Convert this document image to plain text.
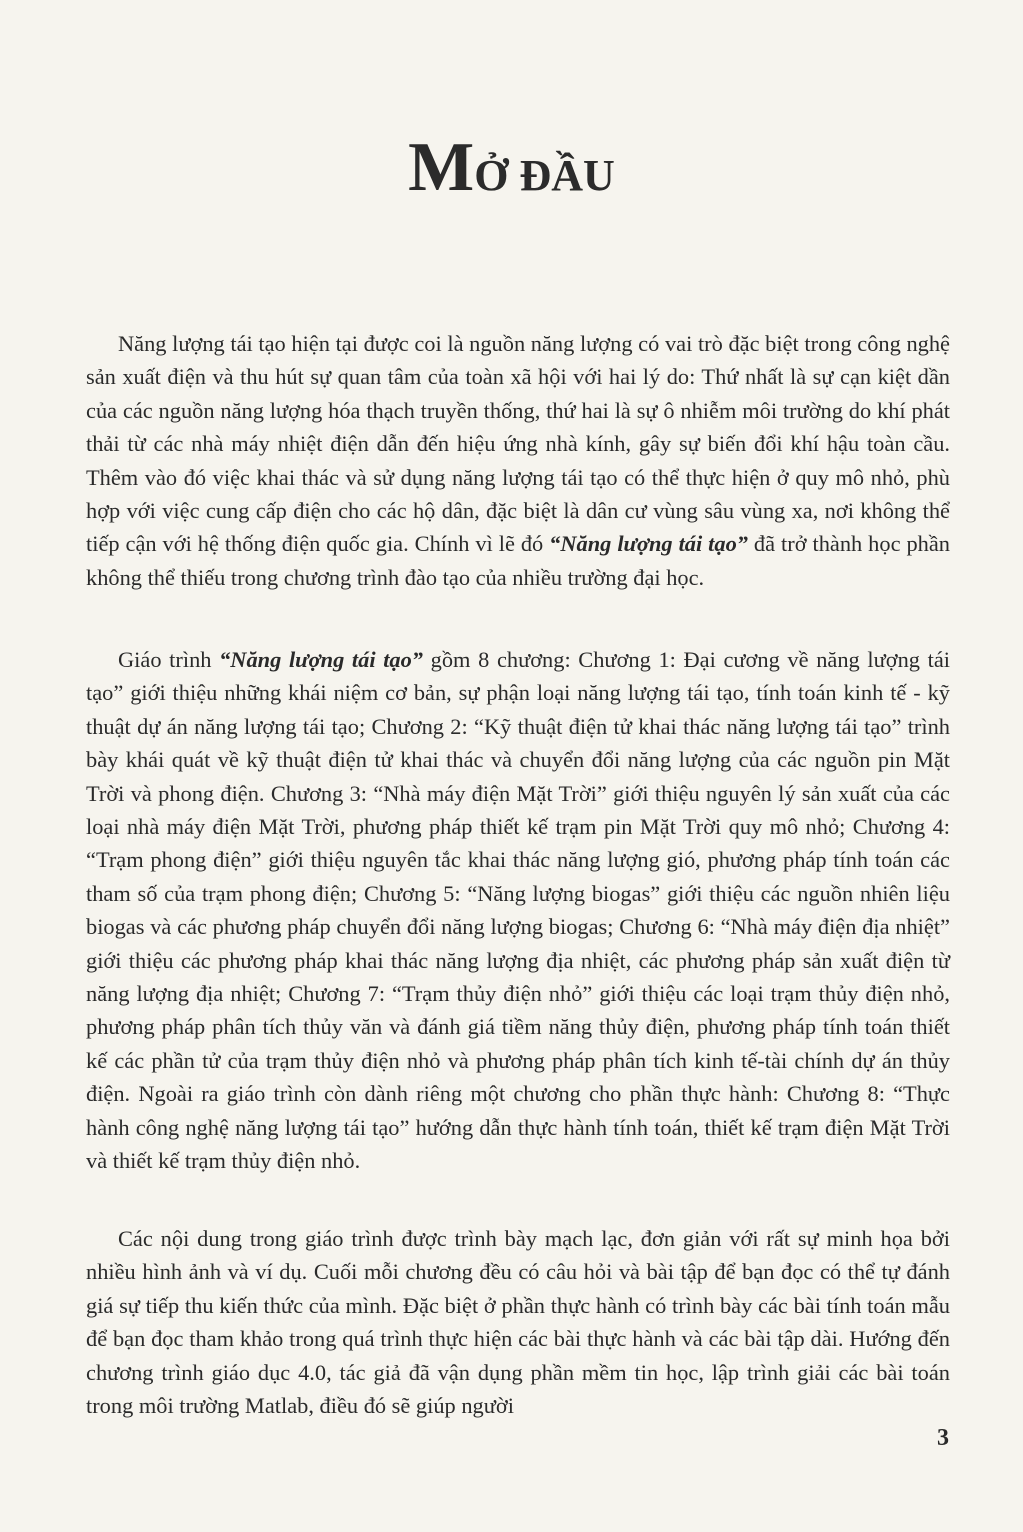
MỞ ĐẦU

Năng lượng tái tạo hiện tại được coi là nguồn năng lượng có vai trò đặc biệt trong công nghệ sản xuất điện và thu hút sự quan tâm của toàn xã hội với hai lý do: Thứ nhất là sự cạn kiệt dần của các nguồn năng lượng hóa thạch truyền thống, thứ hai là sự ô nhiễm môi trường do khí phát thải từ các nhà máy nhiệt điện dẫn đến hiệu ứng nhà kính, gây sự biến đổi khí hậu toàn cầu. Thêm vào đó việc khai thác và sử dụng năng lượng tái tạo có thể thực hiện ở quy mô nhỏ, phù hợp với việc cung cấp điện cho các hộ dân, đặc biệt là dân cư vùng sâu vùng xa, nơi không thể tiếp cận với hệ thống điện quốc gia. Chính vì lẽ đó “Năng lượng tái tạo” đã trở thành học phần không thể thiếu trong chương trình đào tạo của nhiều trường đại học.

Giáo trình “Năng lượng tái tạo” gồm 8 chương: Chương 1: Đại cương về năng lượng tái tạo” giới thiệu những khái niệm cơ bản, sự phận loại năng lượng tái tạo, tính toán kinh tế - kỹ thuật dự án năng lượng tái tạo; Chương 2: “Kỹ thuật điện tử khai thác năng lượng tái tạo” trình bày khái quát về kỹ thuật điện tử khai thác và chuyển đổi năng lượng của các nguồn pin Mặt Trời và phong điện. Chương 3: “Nhà máy điện Mặt Trời” giới thiệu nguyên lý sản xuất của các loại nhà máy điện Mặt Trời, phương pháp thiết kế trạm pin Mặt Trời quy mô nhỏ; Chương 4: “Trạm phong điện” giới thiệu nguyên tắc khai thác năng lượng gió, phương pháp tính toán các tham số của trạm phong điện; Chương 5: “Năng lượng biogas” giới thiệu các nguồn nhiên liệu biogas và các phương pháp chuyển đổi năng lượng biogas; Chương 6: “Nhà máy điện địa nhiệt” giới thiệu các phương pháp khai thác năng lượng địa nhiệt, các phương pháp sản xuất điện từ năng lượng địa nhiệt; Chương 7: “Trạm thủy điện nhỏ” giới thiệu các loại trạm thủy điện nhỏ, phương pháp phân tích thủy văn và đánh giá tiềm năng thủy điện, phương pháp tính toán thiết kế các phần tử của trạm thủy điện nhỏ và phương pháp phân tích kinh tế-tài chính dự án thủy điện. Ngoài ra giáo trình còn dành riêng một chương cho phần thực hành: Chương 8: “Thực hành công nghệ năng lượng tái tạo” hướng dẫn thực hành tính toán, thiết kế trạm điện Mặt Trời và thiết kế trạm thủy điện nhỏ.

Các nội dung trong giáo trình được trình bày mạch lạc, đơn giản với rất sự minh họa bởi nhiều hình ảnh và ví dụ. Cuối mỗi chương đều có câu hỏi và bài tập để bạn đọc có thể tự đánh giá sự tiếp thu kiến thức của mình. Đặc biệt ở phần thực hành có trình bày các bài tính toán mẫu để bạn đọc tham khảo trong quá trình thực hiện các bài thực hành và các bài tập dài. Hướng đến chương trình giáo dục 4.0, tác giả đã vận dụng phần mềm tin học, lập trình giải các bài toán trong môi trường Matlab, điều đó sẽ giúp người

3
